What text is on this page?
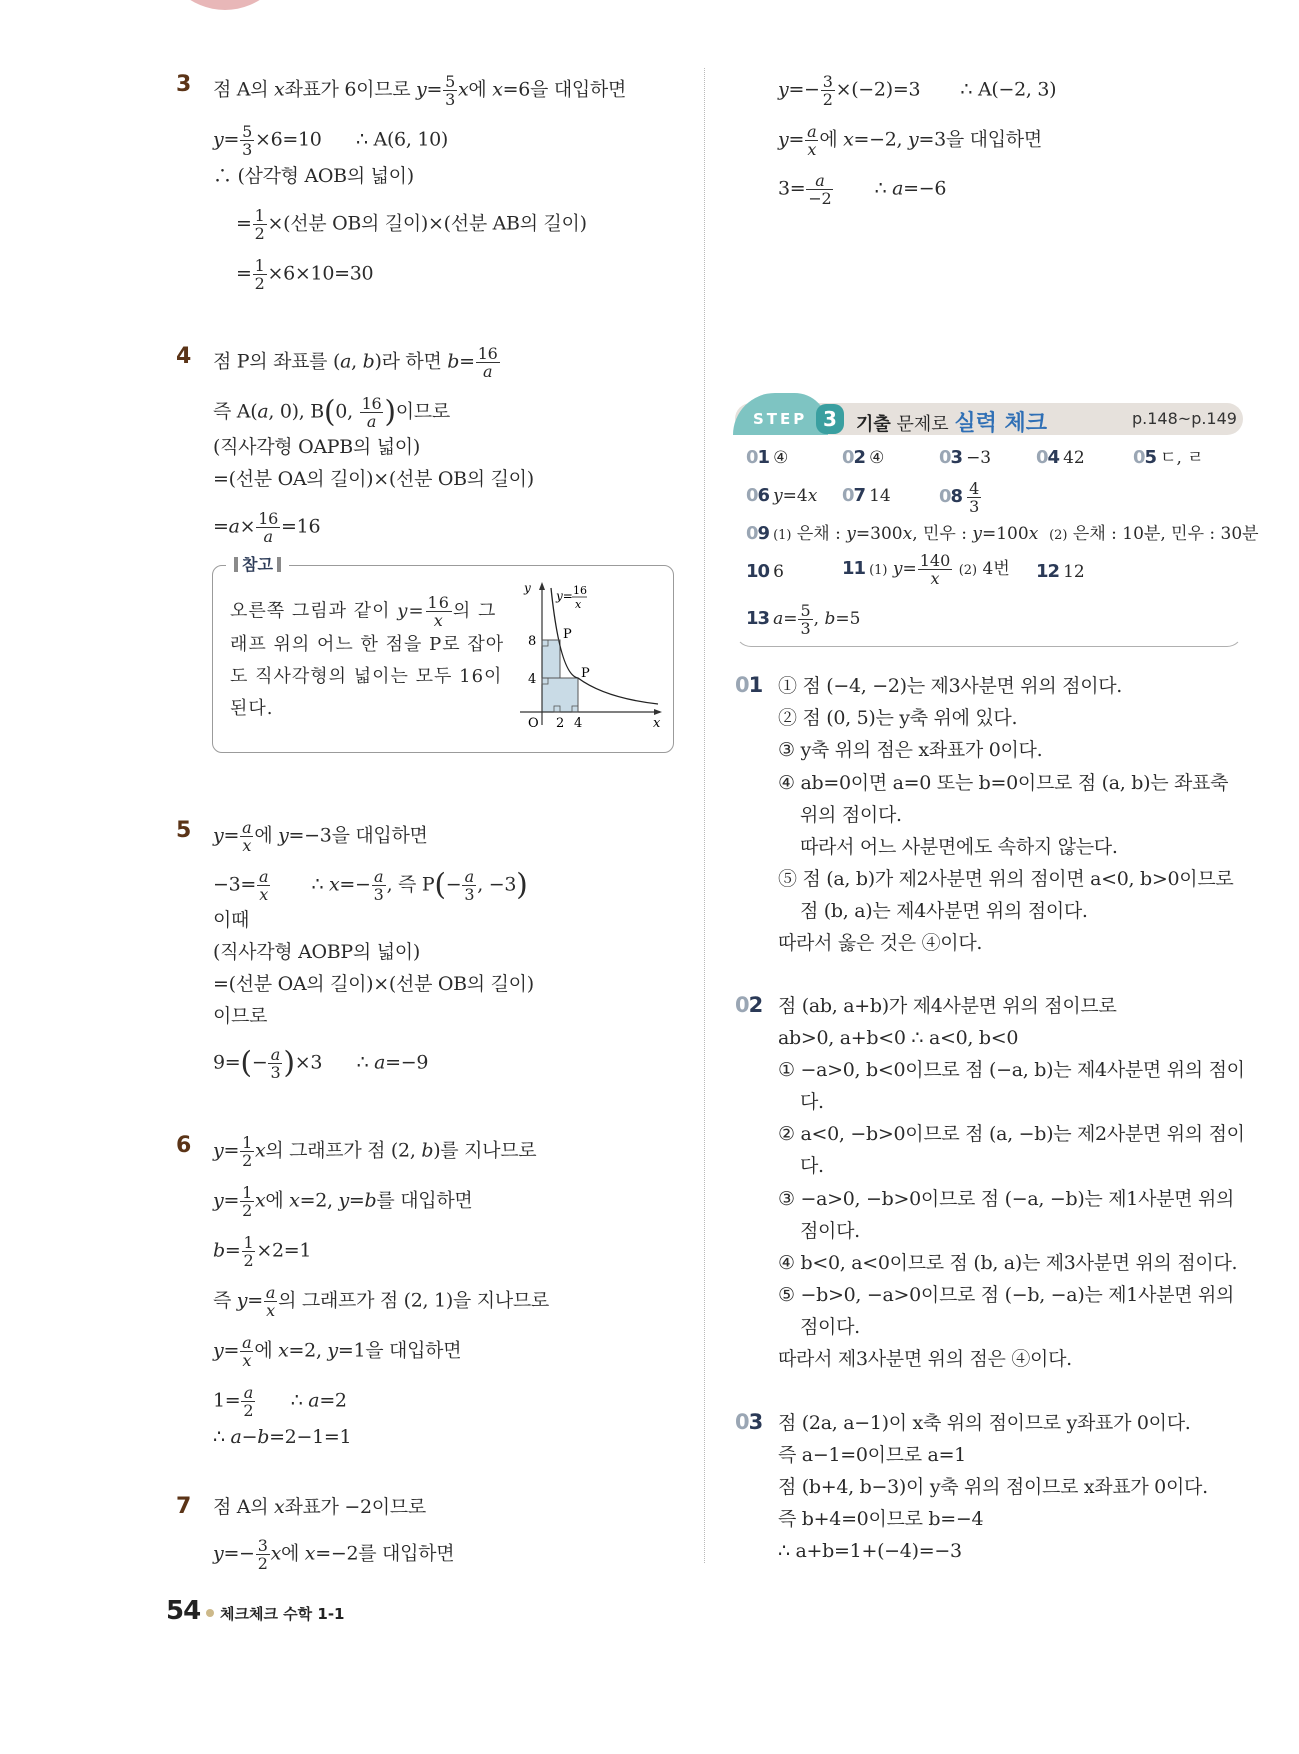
3 점 A의 x좌표가 6이므로 $y= \frac{5}{3}$ x에 x=6을 대입하면
$y= \frac{5}{3} \times 6=10$      ∴ A(6, 10)
∴ (삼각형 AOB의 넓이)
= $\frac{1}{2}$ ×(선분 OB의 길이)×(선분 AB의 길이)
= $\frac{1}{2} \times 6\times 10=30$
4 점 P의 좌표를 (a, b)라 하면 $b= \frac{16}{a}$
즉 A(a, 0), B(0, $\frac{16}{a}$ )이므로
(직사각형 OAPB의 넓이)
=(선분 OA의 길이)×(선분 OB의 길이)
$=a\times \frac{16}{a} =16$
참고
오른쪽 그림과 같이 $y= \frac{16}{x}$ 의 그
래프 위의 어느 한 점을 P로 잡아
도 직사각형의 넓이는 모두 16이
된다.
y
y= 16
x
8
4
P
P
O 2 4	x
5 $y= \frac{a}{x}$ 에 y=−3을 대입하면
$-3= \frac{a}{x}$ ∴ $x=- \frac{a}{3}$ , 즉 $P(- \frac{a}{3}$ , −3)
이때
(직사각형 AOBP의 넓이)
=(선분 OA의 길이)×(선분 OB의 길이)
이므로
$9=(- \frac{a}{3} )\times 3$      ∴ a=−9
6 $y= \frac{1}{2}$ x의 그래프가 점 (2, b)를 지나므로
$y= \frac{1}{2}$ x에 x=2, y=b를 대입하면
$b= \frac{1}{2} \times 2=1$
즉 $y= \frac{a}{x}$ 의 그래프가 점 (2, 1)을 지나므로
$y= \frac{a}{x}$ 에 x=2, y=1을 대입하면
$1= \frac{a}{2}$ ∴ a=2
∴ a−b=2−1=1
7 점 A의 x좌표가 −2이므로
$y=- \frac{3}{2}$ x에 x=−2를 대입하면
54 체크체크 수학 1-1
$y=- \frac{3}{2} \times(-2)=3$       ∴ A(−2, 3)
$y= \frac{a}{x}$ 에 x=−2, y=3을 대입하면
$3= \frac{a}{-2}$ ∴ a=−6
STEP 3	기출 문제로 실력 체크	p.148~p.149
01 ④	02 ④	03 −3 04 42	05 ㄷ, ㄹ
06 y=4x 07 14	$08 \frac{4}{3}$
09 (1) 은채 : y=300x, 민우 : y=100x (2) 은채 : 10분, 민우 : 30분
10 6	11 (1) $y= \frac{140}{x} (2)$ 4번 12 12
13 $a= \frac{5}{3}$ , b=5
01 ① 점 (−4, −2)는 제3사분면 위의 점이다.
② 점 (0, 5)는 y축 위에 있다.
③ y축 위의 점은 x좌표가 0이다.
④ ab=0이면 a=0 또는 b=0이므로 점 (a, b)는 좌표축
위의 점이다.
따라서 어느 사분면에도 속하지 않는다.
⑤ 점 (a, b)가 제2사분면 위의 점이면 a<0, b>0이므로
점 (b, a)는 제4사분면 위의 점이다.
따라서 옳은 것은 ④이다.
02 점 (ab, a+b)가 제4사분면 위의 점이므로
ab>0, a+b<0 ∴ a<0, b<0
① −a>0, b<0이므로 점 (−a, b)는 제4사분면 위의 점이
다.
② a<0, −b>0이므로 점 (a, −b)는 제2사분면 위의 점이
다.
③ −a>0, −b>0이므로 점 (−a, −b)는 제1사분면 위의
점이다.
④ b<0, a<0이므로 점 (b, a)는 제3사분면 위의 점이다.
⑤ −b>0, −a>0이므로 점 (−b, −a)는 제1사분면 위의
점이다.
따라서 제3사분면 위의 점은 ④이다.
03 점 (2a, a−1)이 x축 위의 점이므로 y좌표가 0이다.
즉 a−1=0이므로 a=1
점 (b+4, b−3)이 y축 위의 점이므로 x좌표가 0이다.
즉 b+4=0이므로 b=−4
∴ a+b=1+(−4)=−3
